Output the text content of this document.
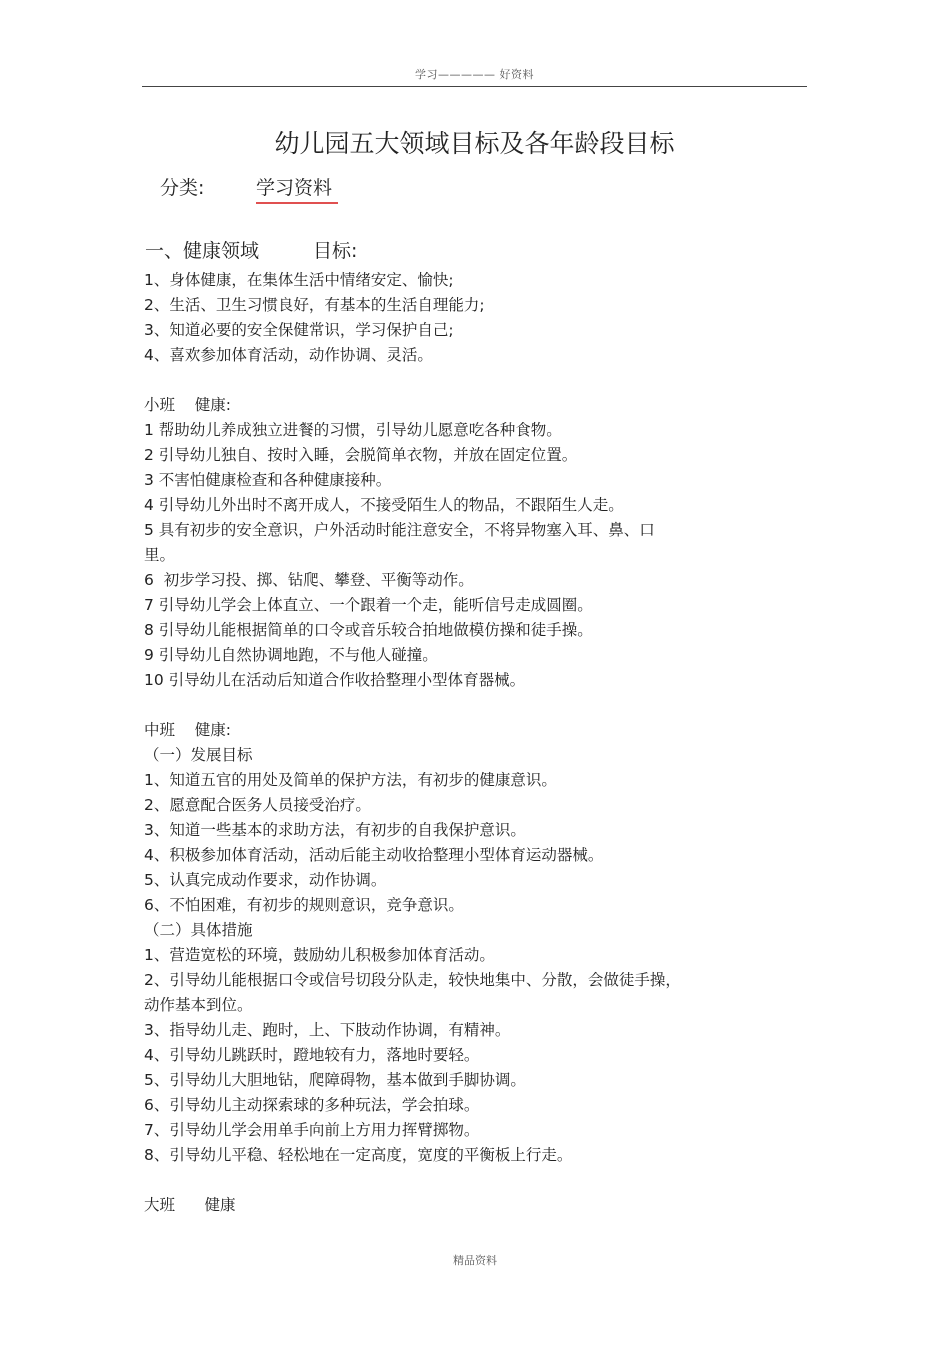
学习————— 好资料
幼儿园五大领域目标及各年龄段目标
分类:	学习资料
一、健康领域	目标:
1、身体健康，在集体生活中情绪安定、愉快;
2、生活、卫生习惯良好，有基本的生活自理能力;
3、知道必要的安全保健常识，学习保护自己;
4、喜欢参加体育活动，动作协调、灵活。
小班    健康:
1 帮助幼儿养成独立进餐的习惯，引导幼儿愿意吃各种食物。
2 引导幼儿独自、按时入睡，会脱简单衣物，并放在固定位置。
3 不害怕健康检查和各种健康接种。
4 引导幼儿外出时不离开成人，不接受陌生人的物品，不跟陌生人走。
5 具有初步的安全意识，户外活动时能注意安全，不将异物塞入耳、鼻、口
里。
6  初步学习投、掷、钻爬、攀登、平衡等动作。
7 引导幼儿学会上体直立、一个跟着一个走，能听信号走成圆圈。
8 引导幼儿能根据简单的口令或音乐较合拍地做模仿操和徒手操。
9 引导幼儿自然协调地跑，不与他人碰撞。
10 引导幼儿在活动后知道合作收拾整理小型体育器械。
中班    健康:
（一）发展目标
1、知道五官的用处及简单的保护方法，有初步的健康意识。
2、愿意配合医务人员接受治疗。
3、知道一些基本的求助方法，有初步的自我保护意识。
4、积极参加体育活动，活动后能主动收拾整理小型体育运动器械。
5、认真完成动作要求，动作协调。
6、不怕困难，有初步的规则意识，竞争意识。
（二）具体措施
1、营造宽松的环境，鼓励幼儿积极参加体育活动。
2、引导幼儿能根据口令或信号切段分队走，较快地集中、分散，会做徒手操，
动作基本到位。
3、指导幼儿走、跑时，上、下肢动作协调，有精神。
4、引导幼儿跳跃时，蹬地较有力，落地时要轻。
5、引导幼儿大胆地钻，爬障碍物，基本做到手脚协调。
6、引导幼儿主动探索球的多种玩法，学会拍球。
7、引导幼儿学会用单手向前上方用力挥臂掷物。
8、引导幼儿平稳、轻松地在一定高度，宽度的平衡板上行走。
大班      健康
精品资料
